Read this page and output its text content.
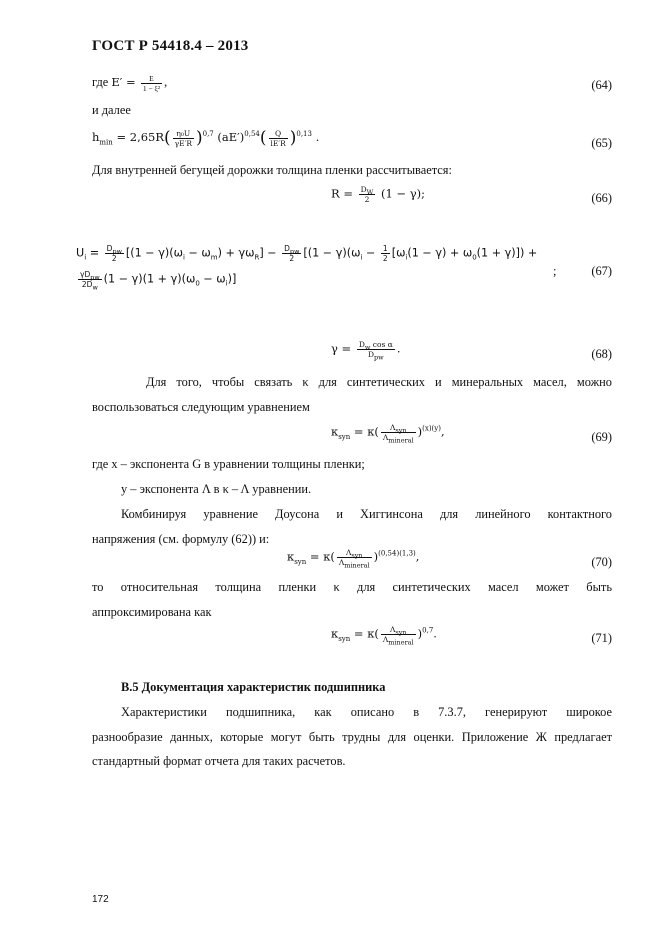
ГОСТ Р 54418.4 – 2013
где $E' = \frac{E}{\text{1 − ξ²}}$ ,	(64)
и далее
$h_{min} = 2,65R( \frac{\text{η₀U}}{\gamma E'R} )^{0,7}$ $(aE')^{0,54}( \frac{Q}{lE'R} )^{0,13}$ .	(65)
Для внутренней бегущей дорожки толщина пленки рассчитывается:
$R = \frac{D_W}{2} (1 - \gamma)$;	(66)
$U_i = \frac{D_{pw}}{2} [(1 - \gamma)(\omega_i - \omega_m) + \gamma\omega_R] - \frac{D_{pw}}{2} [(1 - \gamma)(\omega_i - \frac{1}{2} [\omega_i(1 - \gamma) + \omega_0(1 + \gamma)])$ +
$\frac{\gamma D_{pw}}{2D_w} (1 - \gamma)(1 + \gamma)(\omega_0 - \omega_i)$]
;	(67)
$\gamma = \frac{D_w \cos \alpha}{D_{pw}}$ .	(68)
Для того, чтобы связать κ для синтетических и минеральных масел, можно
воспользоваться следующим уравнением
$\kappa_{syn} = \kappa( \frac{\Lambda_{syn}}{\Lambda_{mineral}} )^{(x)(y)}$,	(69)
где x – экспонента G в уравнении толщины пленки;
y – экспонента Λ в κ – Λ уравнении.
Комбинируя уравнение Доусона и Хиггинсона для линейного контактного
напряжения (см. формулу (62)) и:
$\kappa_{syn} = \kappa( \frac{\Lambda_{syn}}{\Lambda_{mineral}} )^{(0,54)(1,3)}$,	(70)
то относительная толщина пленки κ для синтетических масел может быть
аппроксимирована как
$\kappa_{syn} = \kappa( \frac{\Lambda_{syn}}{\Lambda_{mineral}} )^{0,7}$.	(71)
B.5 Документация характеристик подшипника
Характеристики подшипника, как описано в 7.3.7, генерируют широкое
разнообразие данных, которые могут быть трудны для оценки. Приложение Ж предлагает
стандартный формат отчета для таких расчетов.
172
